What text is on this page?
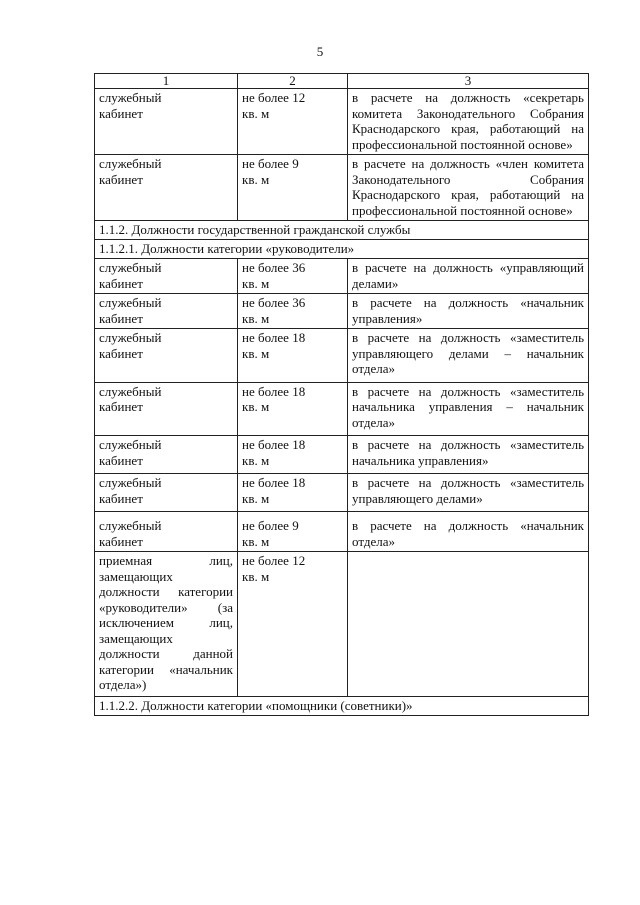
5
1	2	3

служебный кабинет	не более 12 кв. м	в расчете на должность «секретарь комитета Законодательного Собрания Краснодарского края, работающий на профессиональной постоянной основе»

служебный кабинет	не более 9 кв. м	в расчете на должность «член комитета Законодательного Собрания Краснодарского края, работающий на профессиональной постоянной основе»
1.1.2. Должности государственной гражданской службы		
1.1.2.1. Должности категории «руководители»		

служебный кабинет	не более 36 кв. м	в расчете на должность «управляющий делами»

служебный кабинет	не более 36 кв. м	в расчете на должность «начальник управления»

служебный кабинет	не более 18 кв. м	в расчете на должность «заместитель управляющего делами – начальник отдела»

служебный кабинет	не более 18 кв. м	в расчете на должность «заместитель начальника управления – начальник отдела»

служебный кабинет	не более 18 кв. м	в расчете на должность «заместитель начальника управления»

служебный кабинет	не более 18 кв. м	в расчете на должность «заместитель управляющего делами»

служебный кабинет	не более 9 кв. м	в расчете на должность «начальник отдела»
приемная лиц, замещающих должности категории «руководители» (за исключением лиц, замещающих должности данной категории «начальник отдела»)	не более 12 кв. м	

1.1.2.2. Должности категории «помощники (советники)»		
